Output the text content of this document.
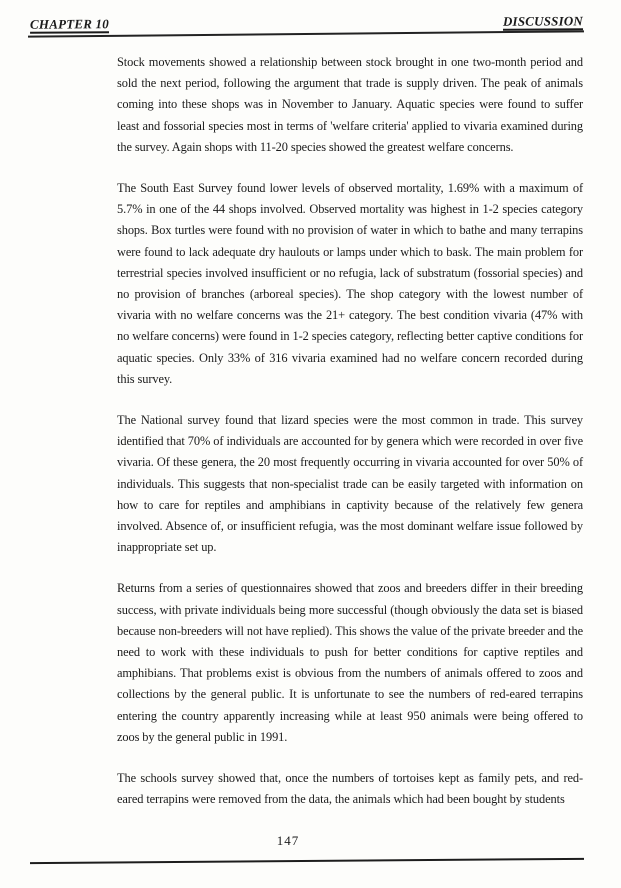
CHAPTER 10	DISCUSSION

Stock movements showed a relationship between stock brought in one two-month period and sold the next period, following the argument that trade is supply driven. The peak of animals coming into these shops was in November to January. Aquatic species were found to suffer least and fossorial species most in terms of 'welfare criteria' applied to vivaria examined during the survey. Again shops with 11-20 species showed the greatest welfare concerns.

The South East Survey found lower levels of observed mortality, 1.69% with a maximum of 5.7% in one of the 44 shops involved. Observed mortality was highest in 1-2 species category shops. Box turtles were found with no provision of water in which to bathe and many terrapins were found to lack adequate dry haulouts or lamps under which to bask. The main problem for terrestrial species involved insufficient or no refugia, lack of substratum (fossorial species) and no provision of branches (arboreal species). The shop category with the lowest number of vivaria with no welfare concerns was the 21+ category. The best condition vivaria (47% with no welfare concerns) were found in 1-2 species category, reflecting better captive conditions for aquatic species. Only 33% of 316 vivaria examined had no welfare concern recorded during this survey.

The National survey found that lizard species were the most common in trade. This survey identified that 70% of individuals are accounted for by genera which were recorded in over five vivaria. Of these genera, the 20 most frequently occurring in vivaria accounted for over 50% of individuals. This suggests that non-specialist trade can be easily targeted with information on how to care for reptiles and amphibians in captivity because of the relatively few genera involved. Absence of, or insufficient refugia, was the most dominant welfare issue followed by inappropriate set up.

Returns from a series of questionnaires showed that zoos and breeders differ in their breeding success, with private individuals being more successful (though obviously the data set is biased because non-breeders will not have replied). This shows the value of the private breeder and the need to work with these individuals to push for better conditions for captive reptiles and amphibians. That problems exist is obvious from the numbers of animals offered to zoos and collections by the general public. It is unfortunate to see the numbers of red-eared terrapins entering the country apparently increasing while at least 950 animals were being offered to zoos by the general public in 1991.

The schools survey showed that, once the numbers of tortoises kept as family pets, and red-eared terrapins were removed from the data, the animals which had been bought by students

147
